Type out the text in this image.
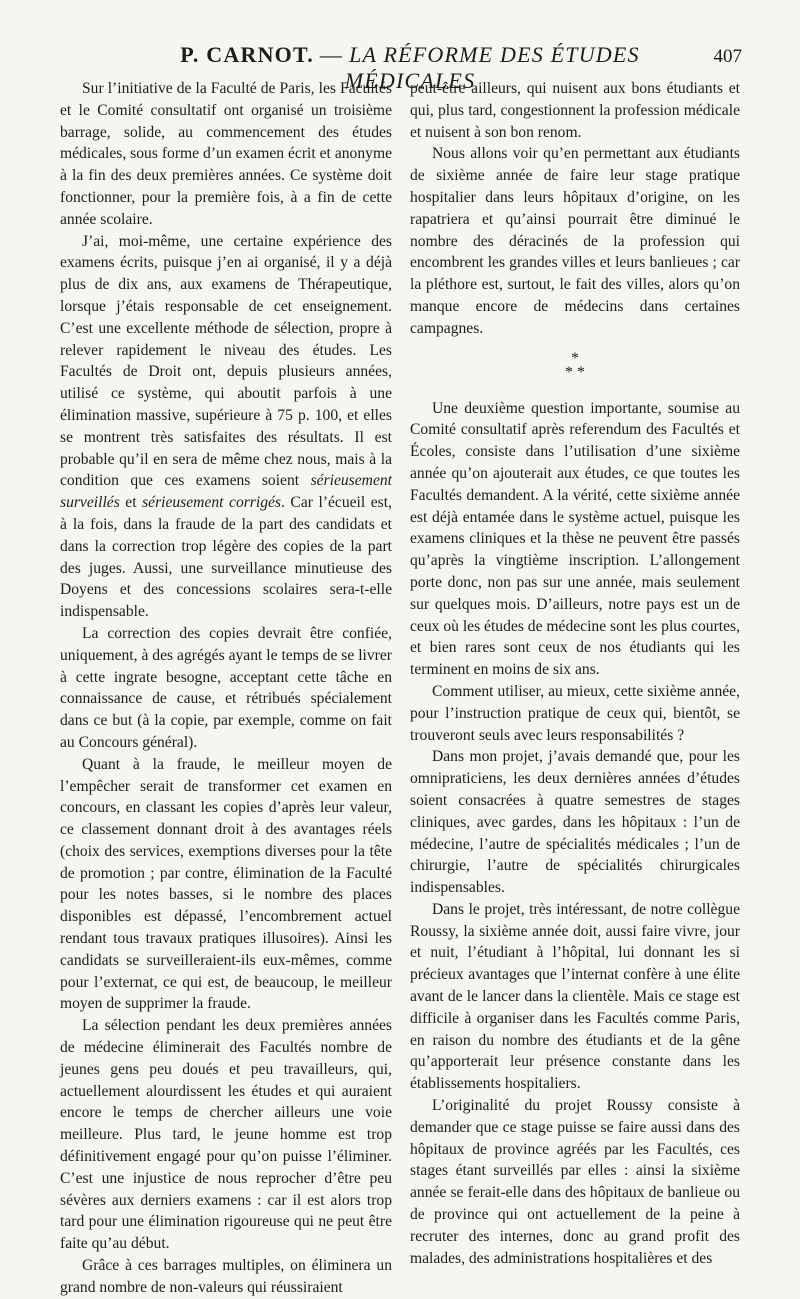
P. CARNOT. — LA RÉFORME DES ÉTUDES MÉDICALES
407

Sur l’initiative de la Faculté de Paris, les Facultés et le Comité consultatif ont organisé un troisième barrage, solide, au commencement des études médicales, sous forme d’un examen écrit et anonyme à la fin des deux premières années. Ce système doit fonctionner, pour la première fois, à a fin de cette année scolaire.

J’ai, moi-même, une certaine expérience des examens écrits, puisque j’en ai organisé, il y a déjà plus de dix ans, aux examens de Thérapeutique, lorsque j’étais responsable de cet enseignement. C’est une excellente méthode de sélection, propre à relever rapidement le niveau des études. Les Facultés de Droit ont, depuis plusieurs années, utilisé ce système, qui aboutit parfois à une élimination massive, supérieure à 75 p. 100, et elles se montrent très satisfaites des résultats. Il est probable qu’il en sera de même chez nous, mais à la condition que ces examens soient sérieusement surveillés et sérieusement corrigés. Car l’écueil est, à la fois, dans la fraude de la part des candidats et dans la correction trop légère des copies de la part des juges. Aussi, une surveillance minutieuse des Doyens et des concessions scolaires sera-t-elle indispensable.

La correction des copies devrait être confiée, uniquement, à des agrégés ayant le temps de se livrer à cette ingrate besogne, acceptant cette tâche en connaissance de cause, et rétribués spécialement dans ce but (à la copie, par exemple, comme on fait au Concours général).

Quant à la fraude, le meilleur moyen de l’empêcher serait de transformer cet examen en concours, en classant les copies d’après leur valeur, ce classement donnant droit à des avantages réels (choix des services, exemptions diverses pour la tête de promotion ; par contre, élimination de la Faculté pour les notes basses, si le nombre des places disponibles est dépassé, l’encombrement actuel rendant tous travaux pratiques illusoires). Ainsi les candidats se surveilleraient-ils eux-mêmes, comme pour l’externat, ce qui est, de beaucoup, le meilleur moyen de supprimer la fraude.

La sélection pendant les deux premières années de médecine éliminerait des Facultés nombre de jeunes gens peu doués et peu travailleurs, qui, actuellement alourdissent les études et qui auraient encore le temps de chercher ailleurs une voie meilleure. Plus tard, le jeune homme est trop définitivement engagé pour qu’on puisse l’éliminer. C’est une injustice de nous reprocher d’être peu sévères aux derniers examens : car il est alors trop tard pour une élimination rigoureuse qui ne peut être faite qu’au début.

Grâce à ces barrages multiples, on éliminera un grand nombre de non-valeurs qui réussiraient

peut-être ailleurs, qui nuisent aux bons étudiants et qui, plus tard, congestionnent la profession médicale et nuisent à son bon renom.

Nous allons voir qu’en permettant aux étudiants de sixième année de faire leur stage pratique hospitalier dans leurs hôpitaux d’origine, on les rapatriera et qu’ainsi pourrait être diminué le nombre des déracinés de la profession qui encombrent les grandes villes et leurs banlieues ; car la pléthore est, surtout, le fait des villes, alors qu’on manque encore de médecins dans certaines campagnes.

*
* *

Une deuxième question importante, soumise au Comité consultatif après referendum des Facultés et Écoles, consiste dans l’utilisation d’une sixième année qu’on ajouterait aux études, ce que toutes les Facultés demandent. A la vérité, cette sixième année est déjà entamée dans le système actuel, puisque les examens cliniques et la thèse ne peuvent être passés qu’après la vingtième inscription. L’allongement porte donc, non pas sur une année, mais seulement sur quelques mois. D’ailleurs, notre pays est un de ceux où les études de médecine sont les plus courtes, et bien rares sont ceux de nos étudiants qui les terminent en moins de six ans.

Comment utiliser, au mieux, cette sixième année, pour l’instruction pratique de ceux qui, bientôt, se trouveront seuls avec leurs responsabilités ?

Dans mon projet, j’avais demandé que, pour les omnipraticiens, les deux dernières années d’études soient consacrées à quatre semestres de stages cliniques, avec gardes, dans les hôpitaux : l’un de médecine, l’autre de spécialités médicales ; l’un de chirurgie, l’autre de spécialités chirurgicales indispensables.

Dans le projet, très intéressant, de notre collègue Roussy, la sixième année doit, aussi faire vivre, jour et nuit, l’étudiant à l’hôpital, lui donnant les si précieux avantages que l’internat confère à une élite avant de le lancer dans la clientèle. Mais ce stage est difficile à organiser dans les Facultés comme Paris, en raison du nombre des étudiants et de la gêne qu’apporterait leur présence constante dans les établissements hospitaliers.

L’originalité du projet Roussy consiste à demander que ce stage puisse se faire aussi dans des hôpitaux de province agréés par les Facultés, ces stages étant surveillés par elles : ainsi la sixième année se ferait-elle dans des hôpitaux de banlieue ou de province qui ont actuellement de la peine à recruter des internes, donc au grand profit des malades, des administrations hospitalières et des
